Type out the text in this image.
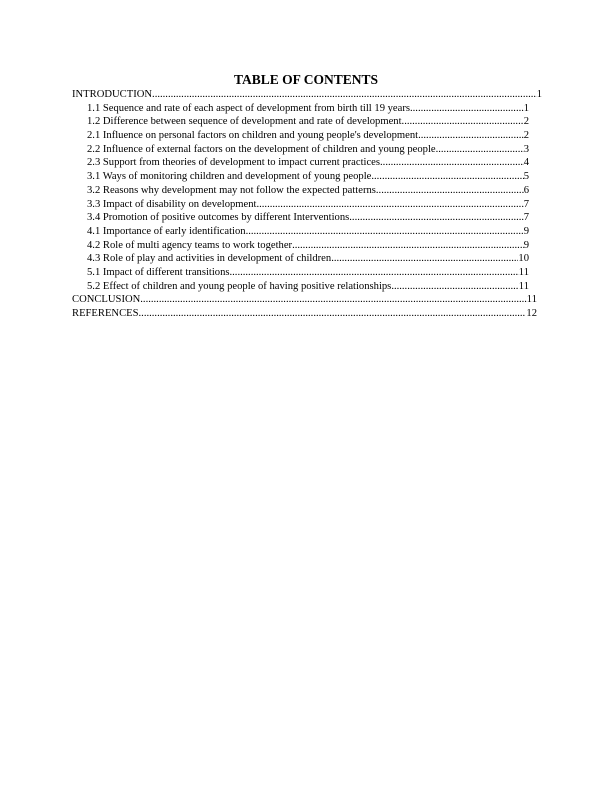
TABLE OF CONTENTS
INTRODUCTION .....	1
1.1 Sequence and rate of each aspect of development from birth till 19 years .....	1
1.2 Difference between sequence of development and rate of development .....	2
2.1 Influence on personal factors on children and young people's development .....	2
2.2 Influence of external factors on the development of children and young people .....	3
2.3 Support from theories of development to impact current practices .....	4
3.1 Ways of monitoring children and development of young people .....	5
3.2 Reasons why development may not follow the expected patterns .....	6
3.3 Impact of disability on development .....	7
3.4 Promotion of positive outcomes by different Interventions .....	7
4.1 Importance of early identification .....	9
4.2 Role of multi agency teams to work together .....	9
4.3 Role of play and activities in development of children .....	10
5.1 Impact of different transitions .....	11
5.2 Effect of children and young people of having positive relationships .....	11
CONCLUSION .....	11
REFERENCES .....	12
